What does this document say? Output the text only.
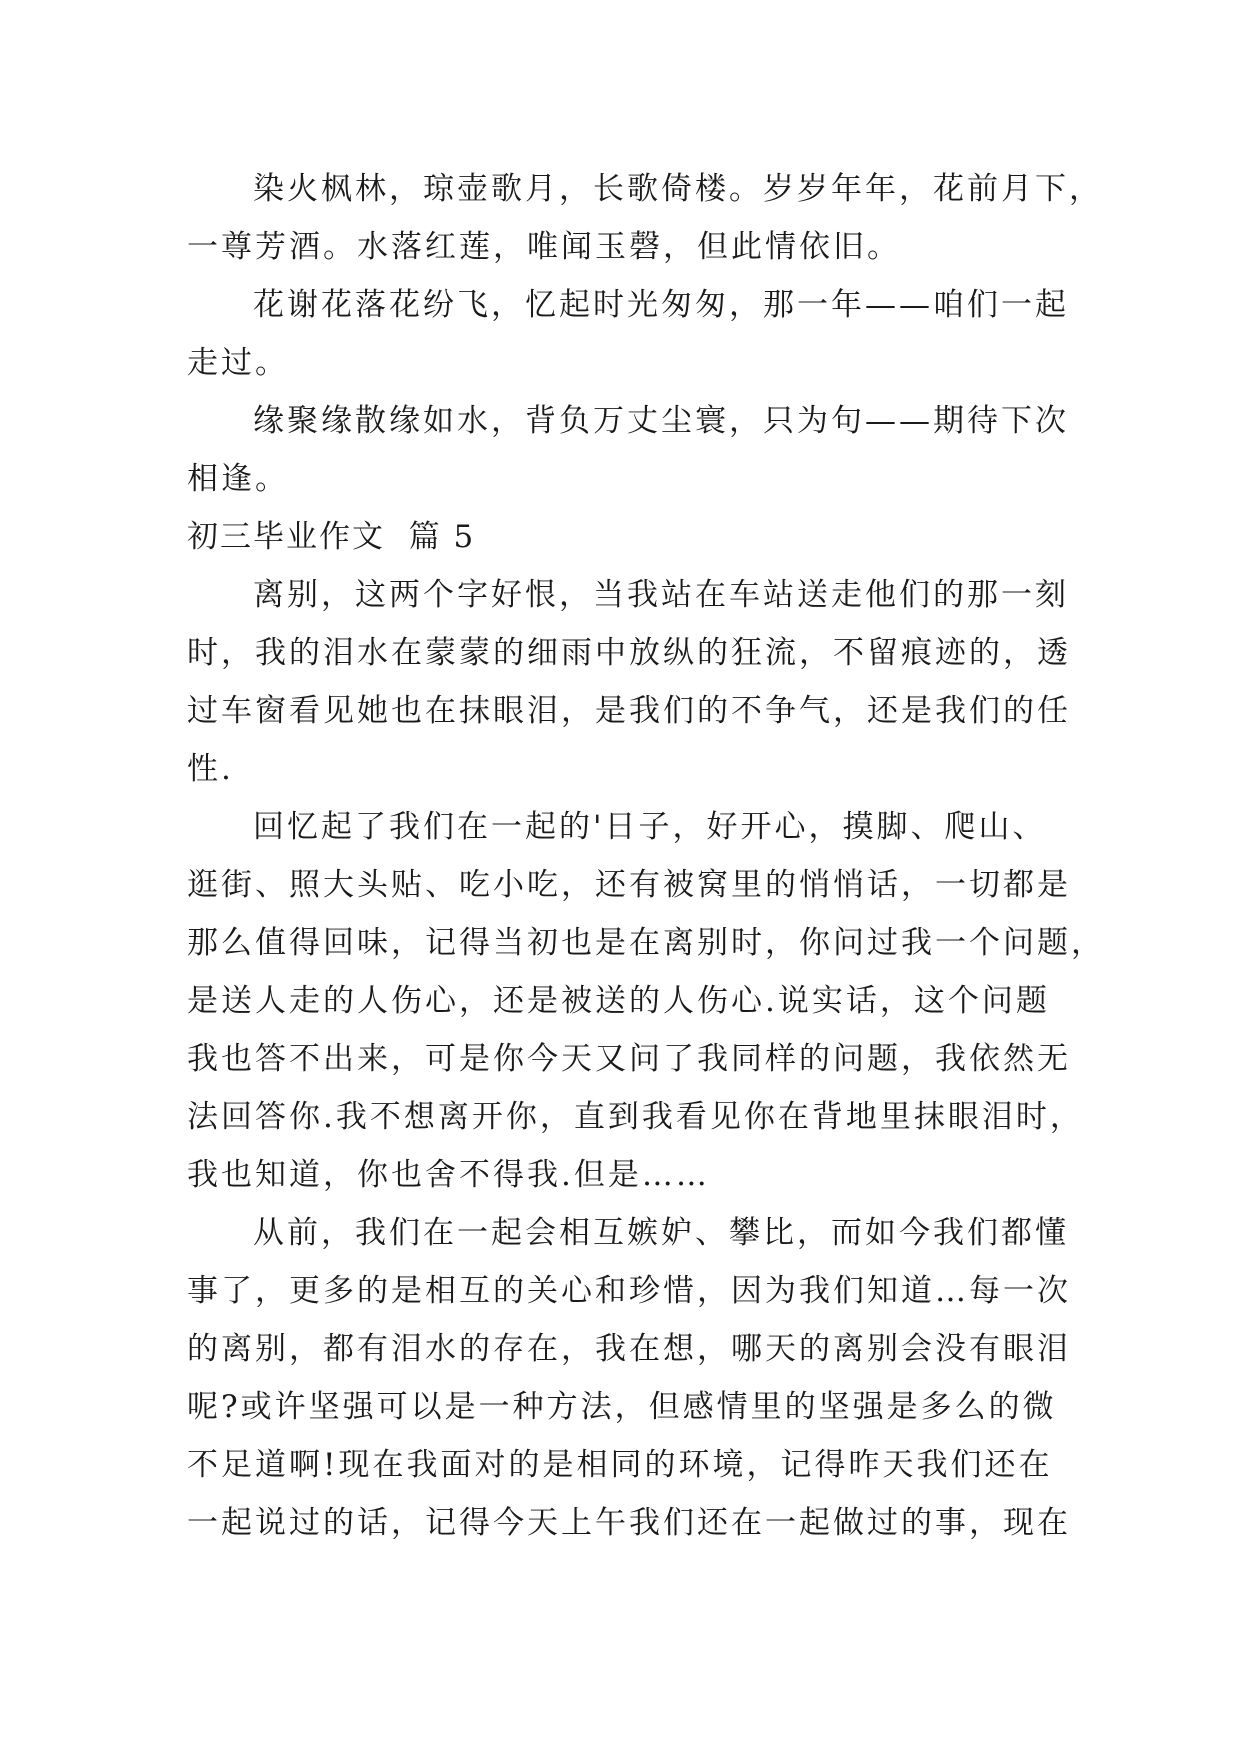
染火枫林，琼壶歌月，长歌倚楼。岁岁年年，花前月下，
一尊芳酒。水落红莲，唯闻玉磬，但此情依旧。
花谢花落花纷飞，忆起时光匆匆，那一年——咱们一起
走过。
缘聚缘散缘如水，背负万丈尘寰，只为句——期待下次
相逢。
初三毕业作文  篇 5
离别，这两个字好恨，当我站在车站送走他们的那一刻
时，我的泪水在蒙蒙的细雨中放纵的狂流，不留痕迹的，透
过车窗看见她也在抹眼泪，是我们的不争气，还是我们的任
性.
回忆起了我们在一起的'日子，好开心，摸脚、爬山、
逛街、照大头贴、吃小吃，还有被窝里的悄悄话，一切都是
那么值得回味，记得当初也是在离别时，你问过我一个问题，
是送人走的人伤心，还是被送的人伤心.说实话，这个问题
我也答不出来，可是你今天又问了我同样的问题，我依然无
法回答你.我不想离开你，直到我看见你在背地里抹眼泪时，
我也知道，你也舍不得我.但是……
从前，我们在一起会相互嫉妒、攀比，而如今我们都懂
事了，更多的是相互的关心和珍惜，因为我们知道…每一次
的离别，都有泪水的存在，我在想，哪天的离别会没有眼泪
呢?或许坚强可以是一种方法，但感情里的坚强是多么的微
不足道啊!现在我面对的是相同的环境，记得昨天我们还在
一起说过的话，记得今天上午我们还在一起做过的事，现在
